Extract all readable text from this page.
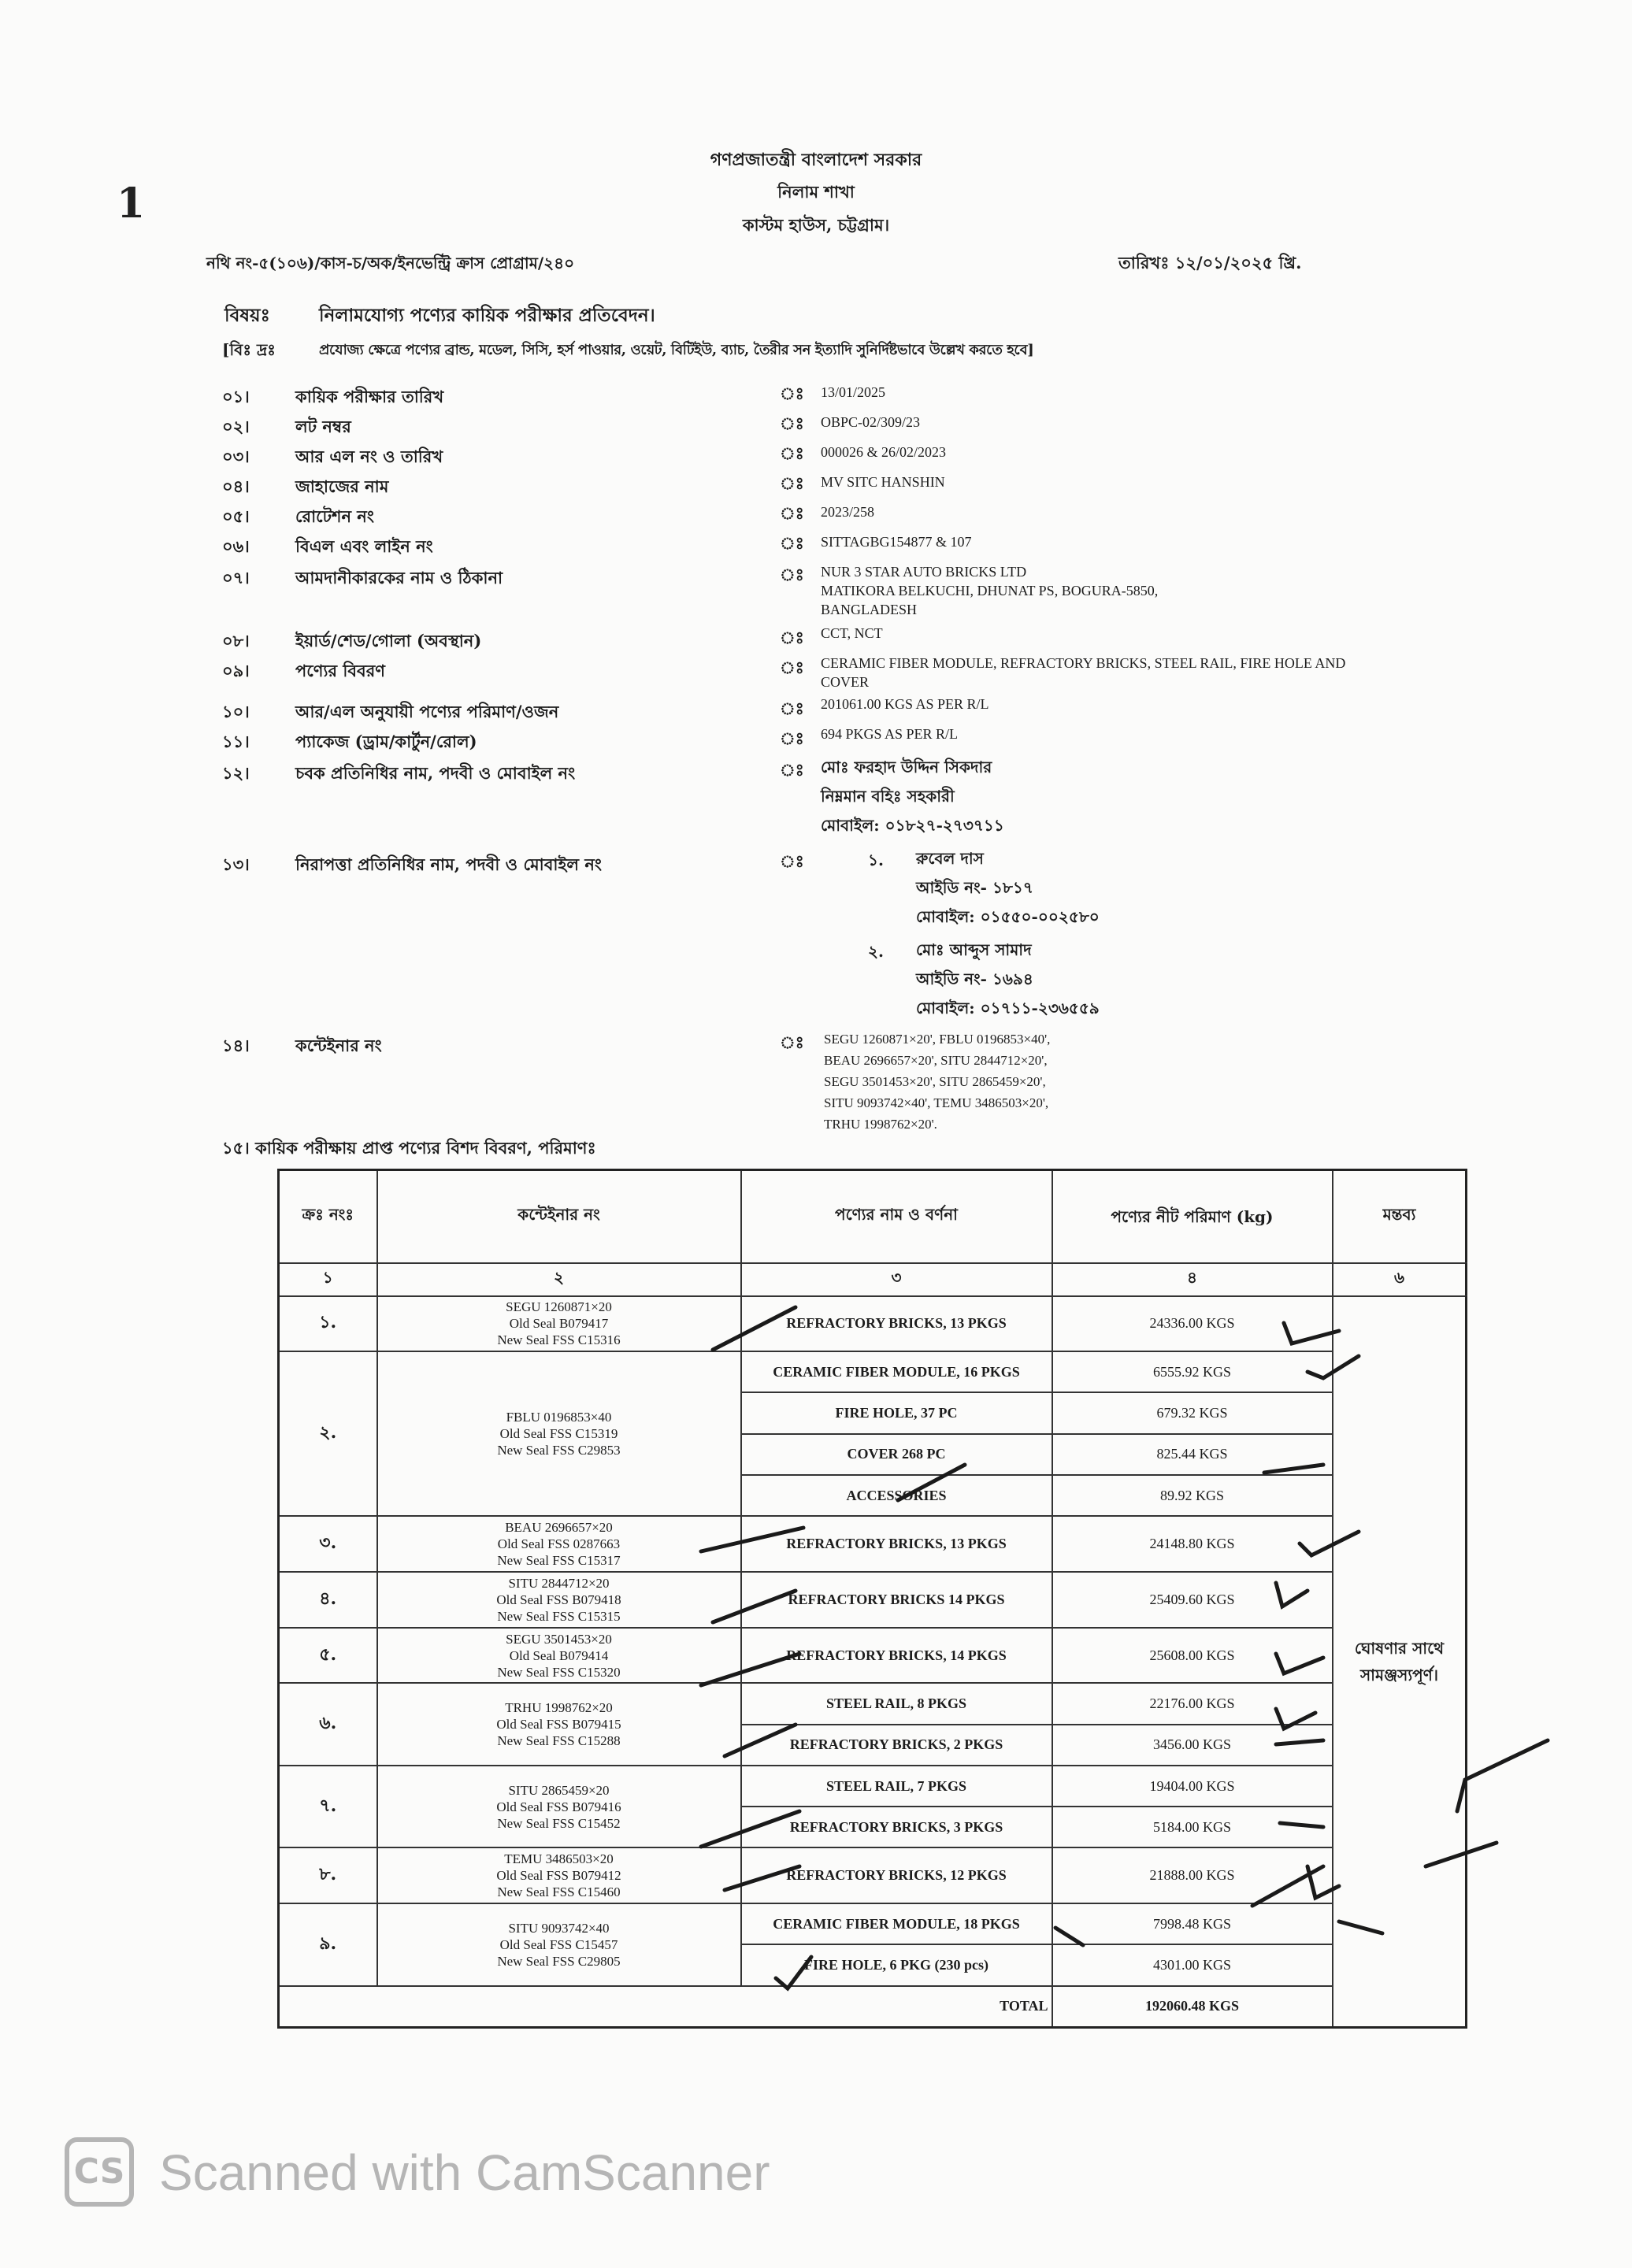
1
গণপ্রজাতন্ত্রী বাংলাদেশ সরকার
নিলাম শাখা
কাস্টম হাউস, চট্টগ্রাম।
নথি নং-৫(১০৬)/কাস-চ/অক/ইনভেন্ট্রি ক্রাস প্রোগ্রাম/২৪০	তারিখঃ ১২/০১/২০২৫ খ্রি.
বিষয়ঃ	নিলামযোগ্য পণ্যের কায়িক পরীক্ষার প্রতিবেদন।
[বিঃ দ্রঃ	প্রযোজ্য ক্ষেত্রে পণ্যের ব্রান্ড, মডেল, সিসি, হর্স পাওয়ার, ওয়েট, বিটিইউ, ব্যাচ, তৈরীর সন ইত্যাদি সুনির্দিষ্টভাবে উল্লেখ করতে হবে]
০১।	কায়িক পরীক্ষার তারিখ	ঃ 13/01/2025
০২।	লট নম্বর	ঃ OBPC-02/309/23
০৩।	আর এল নং ও তারিখ	ঃ 000026 & 26/02/2023
০৪।	জাহাজের নাম	ঃ MV SITC HANSHIN
০৫।	রোটেশন নং	ঃ 2023/258
০৬।	বিএল এবং লাইন নং	ঃ SITTAGBG154877 & 107
০৭।	আমদানীকারকের নাম ও ঠিকানা	ঃ NUR 3 STAR AUTO BRICKS LTD
MATIKORA BELKUCHI, DHUNAT PS, BOGURA-5850,
BANGLADESH
০৮।	ইয়ার্ড/শেড/গোলা (অবস্থান)	ঃ CCT, NCT
০৯।	পণ্যের বিবরণ	ঃ CERAMIC FIBER MODULE, REFRACTORY BRICKS, STEEL RAIL, FIRE HOLE AND
COVER
১০।	আর/এল অনুযায়ী পণ্যের পরিমাণ/ওজন	ঃ 201061.00 KGS AS PER R/L
১১।	প্যাকেজ (ড্রাম/কার্টুন/রোল)	ঃ 694 PKGS AS PER R/L
১২।	চবক প্রতিনিধির নাম, পদবী ও মোবাইল নং	ঃ মোঃ ফরহাদ উদ্দিন সিকদার
নিম্নমান বহিঃ সহকারী
মোবাইল: ০১৮২৭-২৭৩৭১১
১৩।	নিরাপত্তা প্রতিনিধির নাম, পদবী ও মোবাইল নং	ঃ	১. রুবেল দাস
আইডি নং- ১৮১৭
মোবাইল: ০১৫৫০-০০২৫৮০
২. মোঃ আব্দুস সামাদ
আইডি নং- ১৬৯৪
মোবাইল: ০১৭১১-২৩৬৫৫৯
১৪।	কন্টেইনার নং	ঃ SEGU 1260871×20', FBLU 0196853×40',
BEAU 2696657×20', SITU 2844712×20',
SEGU 3501453×20', SITU 2865459×20',
SITU 9093742×40', TEMU 3486503×20',
TRHU 1998762×20'.
১৫। কায়িক পরীক্ষায় প্রাপ্ত পণ্যের বিশদ বিবরণ, পরিমাণঃ
ক্রঃ নংঃ	কন্টেইনার নং	পণ্যের নাম ও বর্ণনা	পণ্যের নীট পরিমাণ (kg)	মন্তব্য	
১	২	৩	৪	৬	
১.	SEGU 1260871×20
Old Seal B079417
New Seal FSS C15316	REFRACTORY BRICKS, 13 PKGS	24336.00 KGS	ঘোষণার সাথে সামঞ্জস্যপূর্ণ।	
২.	FBLU 0196853×40
Old Seal FSS C15319
New Seal FSS C29853	CERAMIC FIBER MODULE, 16 PKGS	6555.92 KGS		
		FIRE HOLE, 37 PC	679.32 KGS		
		COVER 268 PC	825.44 KGS		
		ACCESSORIES	89.92 KGS		
৩.	BEAU 2696657×20
Old Seal FSS 0287663
New Seal FSS C15317	REFRACTORY BRICKS, 13 PKGS	24148.80 KGS		
৪.	SITU 2844712×20
Old Seal FSS B079418
New Seal FSS C15315	REFRACTORY BRICKS 14 PKGS	25409.60 KGS		
৫.	SEGU 3501453×20
Old Seal B079414
New Seal FSS C15320	REFRACTORY BRICKS, 14 PKGS	25608.00 KGS		
৬.	TRHU 1998762×20
Old Seal FSS B079415
New Seal FSS C15288	STEEL RAIL, 8 PKGS	22176.00 KGS		
		REFRACTORY BRICKS, 2 PKGS	3456.00 KGS		
৭.	SITU 2865459×20
Old Seal FSS B079416
New Seal FSS C15452	STEEL RAIL, 7 PKGS	19404.00 KGS		
		REFRACTORY BRICKS, 3 PKGS	5184.00 KGS		
৮.	TEMU 3486503×20
Old Seal FSS B079412
New Seal FSS C15460	REFRACTORY BRICKS, 12 PKGS	21888.00 KGS		
৯.	SITU 9093742×40
Old Seal FSS C15457
New Seal FSS C29805	CERAMIC FIBER MODULE, 18 PKGS	7998.48 KGS		
		FIRE HOLE, 6 PKG (230 pcs)	4301.00 KGS		
TOTAL			192060.48 KGS		
CS Scanned with CamScanner
